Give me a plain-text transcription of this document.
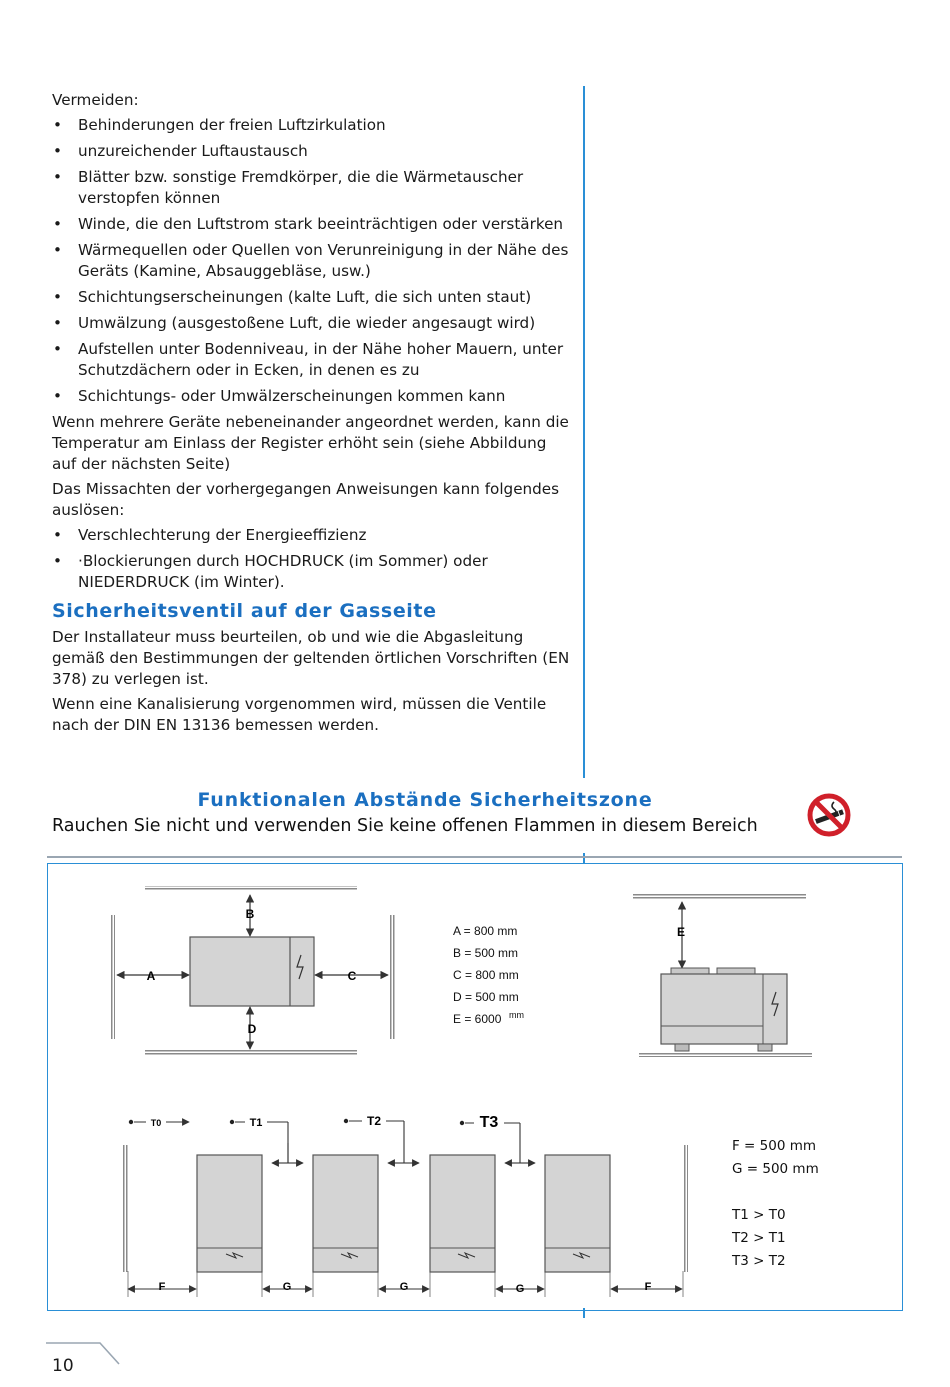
Vermeiden:

• Behinderungen der freien Luftzirkulation
• unzureichender Luftaustausch
• Blätter bzw. sonstige Fremdkörper, die die Wärmetauscher verstopfen können
• Winde, die den Luftstrom stark beeinträchtigen oder verstärken
• Wärmequellen oder Quellen von Verunreinigung in der Nähe des Geräts (Kamine, Absauggebläse, usw.)
• Schichtungserscheinungen (kalte Luft, die sich unten staut)
• Umwälzung (ausgestoßene Luft, die wieder angesaugt wird)
• Aufstellen unter Bodenniveau, in der Nähe hoher Mauern, unter Schutzdächern oder in Ecken, in denen es zu
• Schichtungs- oder Umwälzerscheinungen kommen kann

Wenn mehrere Geräte nebeneinander angeordnet werden, kann die Temperatur am Einlass der Register erhöht sein (siehe Abbildung auf der nächsten Seite)

Das Missachten der vorhergegangen Anweisungen kann folgendes auslösen:

• Verschlechterung der Energieeffizienz
• ·Blockierungen durch HOCHDRUCK (im Sommer) oder NIEDERDRUCK (im Winter).
Sicherheitsventil auf der Gasseite

Der Installateur muss beurteilen, ob und wie die Abgasleitung gemäß den Bestimmungen der geltenden örtlichen Vorschriften (EN 378) zu verlegen ist.

Wenn eine Kanalisierung vorgenommen wird, müssen die Ventile nach der DIN EN 13136 bemessen werden.

Funktionalen Abstände Sicherheitszone
Rauchen Sie nicht und verwenden Sie keine offenen Flammen in diesem Bereich
B
D
A	C
A = 800 mm
B = 500 mm
C = 800 mm
D = 500 mm
E = 6000 mm
E
F	G	G	G	F
T0	T1	T2	T3
F = 500 mm
G = 500 mm
T1 > T0
T2 > T1
T3 > T2
10
